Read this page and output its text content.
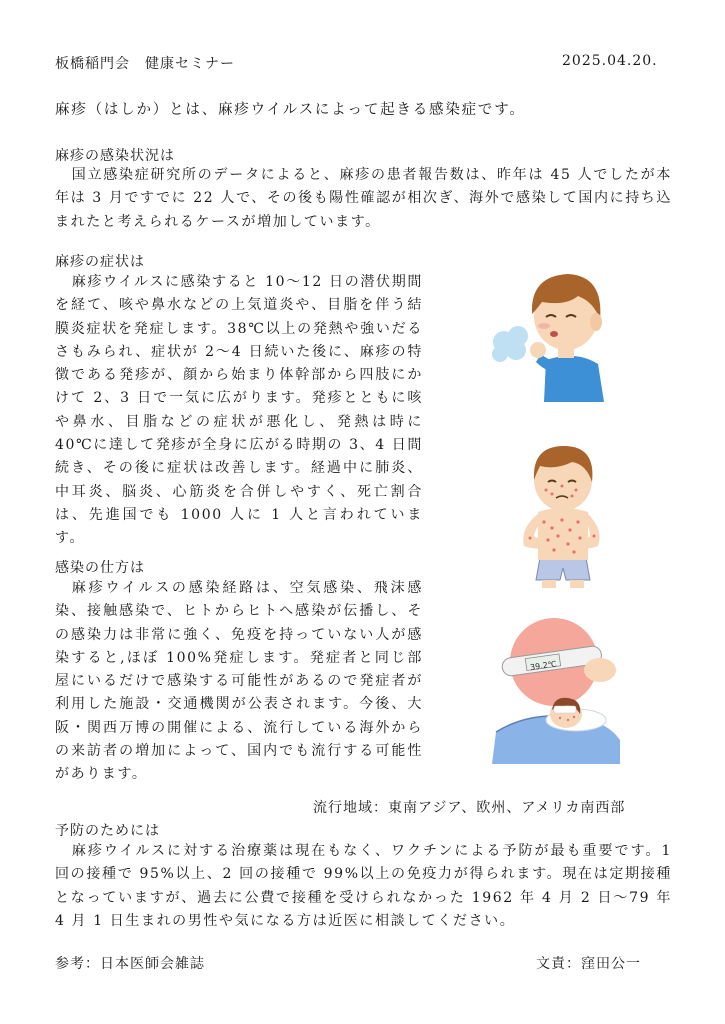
板橋稲門会　健康セミナー	2025.04.20.
麻疹（はしか）とは、麻疹ウイルスによって起きる感染症です。
麻疹の感染状況は

国立感染症研究所のデータによると、麻疹の患者報告数は、昨年は 45 人でしたが本年は 3 月ですでに 22 人で、その後も陽性確認が相次ぎ、海外で感染して国内に持ち込まれたと考えられるケースが増加しています。

麻疹の症状は

麻疹ウイルスに感染すると 10～12 日の潜伏期間を経て、咳や鼻水などの上気道炎や、目脂を伴う結膜炎症状を発症します。38℃以上の発熱や強いだるさもみられ、症状が 2～4 日続いた後に、麻疹の特徴である発疹が、顔から始まり体幹部から四肢にかけて 2、3 日で一気に広がります。発疹とともに咳や鼻水、目脂などの症状が悪化し、発熱は時に 40℃に達して発疹が全身に広がる時期の 3、4 日間続き、その後に症状は改善します。経過中に肺炎、中耳炎、脳炎、心筋炎を合併しやすく、死亡割合は、先進国でも 1000 人に 1 人と言われています。

感染の仕方は

麻疹ウイルスの感染経路は、空気感染、飛沫感染、接触感染で、ヒトからヒトへ感染が伝播し、その感染力は非常に強く、免疫を持っていない人が感染すると,ほぼ 100%発症します。発症者と同じ部屋にいるだけで感染する可能性があるので発症者が利用した施設・交通機関が公表されます。今後、大阪・関西万博の開催による、流行している海外からの来訪者の増加によって、国内でも流行する可能性があります。

流行地域：東南アジア、欧州、アメリカ南西部
予防のためには

麻疹ウイルスに対する治療薬は現在もなく、ワクチンによる予防が最も重要です。1 回の接種で 95%以上、2 回の接種で 99%以上の免疫力が得られます。現在は定期接種となっていますが、過去に公費で接種を受けられなかった 1962 年 4 月 2 日～79 年 4 月 1 日生まれの男性や気になる方は近医に相談してください。

参考：日本医師会雑誌	文責：窪田公一
39.2℃
